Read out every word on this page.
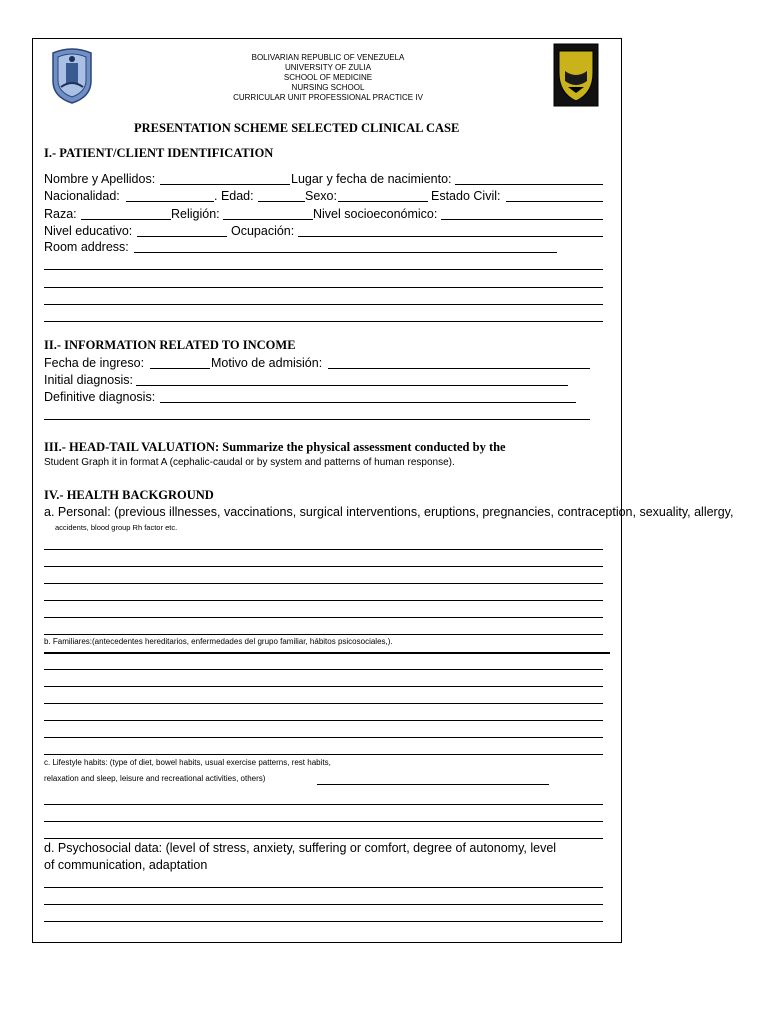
BOLIVARIAN REPUBLIC OF VENEZUELA
UNIVERSITY OF ZULIA
SCHOOL OF MEDICINE
NURSING SCHOOL
CURRICULAR UNIT PROFESSIONAL PRACTICE IV
PRESENTATION SCHEME SELECTED CLINICAL CASE
I.- PATIENT/CLIENT IDENTIFICATION
Nombre y Apellidos:	Lugar y fecha de nacimiento:
Nacionalidad:	. Edad:	Sexo:	Estado Civil:
Raza:	Religión:	Nivel socioeconómico:
Nivel educativo:	Ocupación:
Room address:
II.- INFORMATION RELATED TO INCOME
Fecha de ingreso:	Motivo de admisión:
Initial diagnosis:
Definitive diagnosis:
III.- HEAD-TAIL VALUATION: Summarize the physical assessment conducted by the
Student Graph it in format A (cephalic-caudal or by system and patterns of human response).
IV.- HEALTH BACKGROUND
a. Personal: (previous illnesses, vaccinations, surgical interventions, eruptions, pregnancies, contraception, sexuality, allergy,
accidents, blood group Rh factor etc.
b. Familiares:(antecedentes hereditarios, enfermedades del grupo familiar, hábitos psicosociales,).
c. Lifestyle habits: (type of diet, bowel habits, usual exercise patterns, rest habits,
relaxation and sleep, leisure and recreational activities, others)
d. Psychosocial data: (level of stress, anxiety, suffering or comfort, degree of autonomy, level
of communication, adaptation
